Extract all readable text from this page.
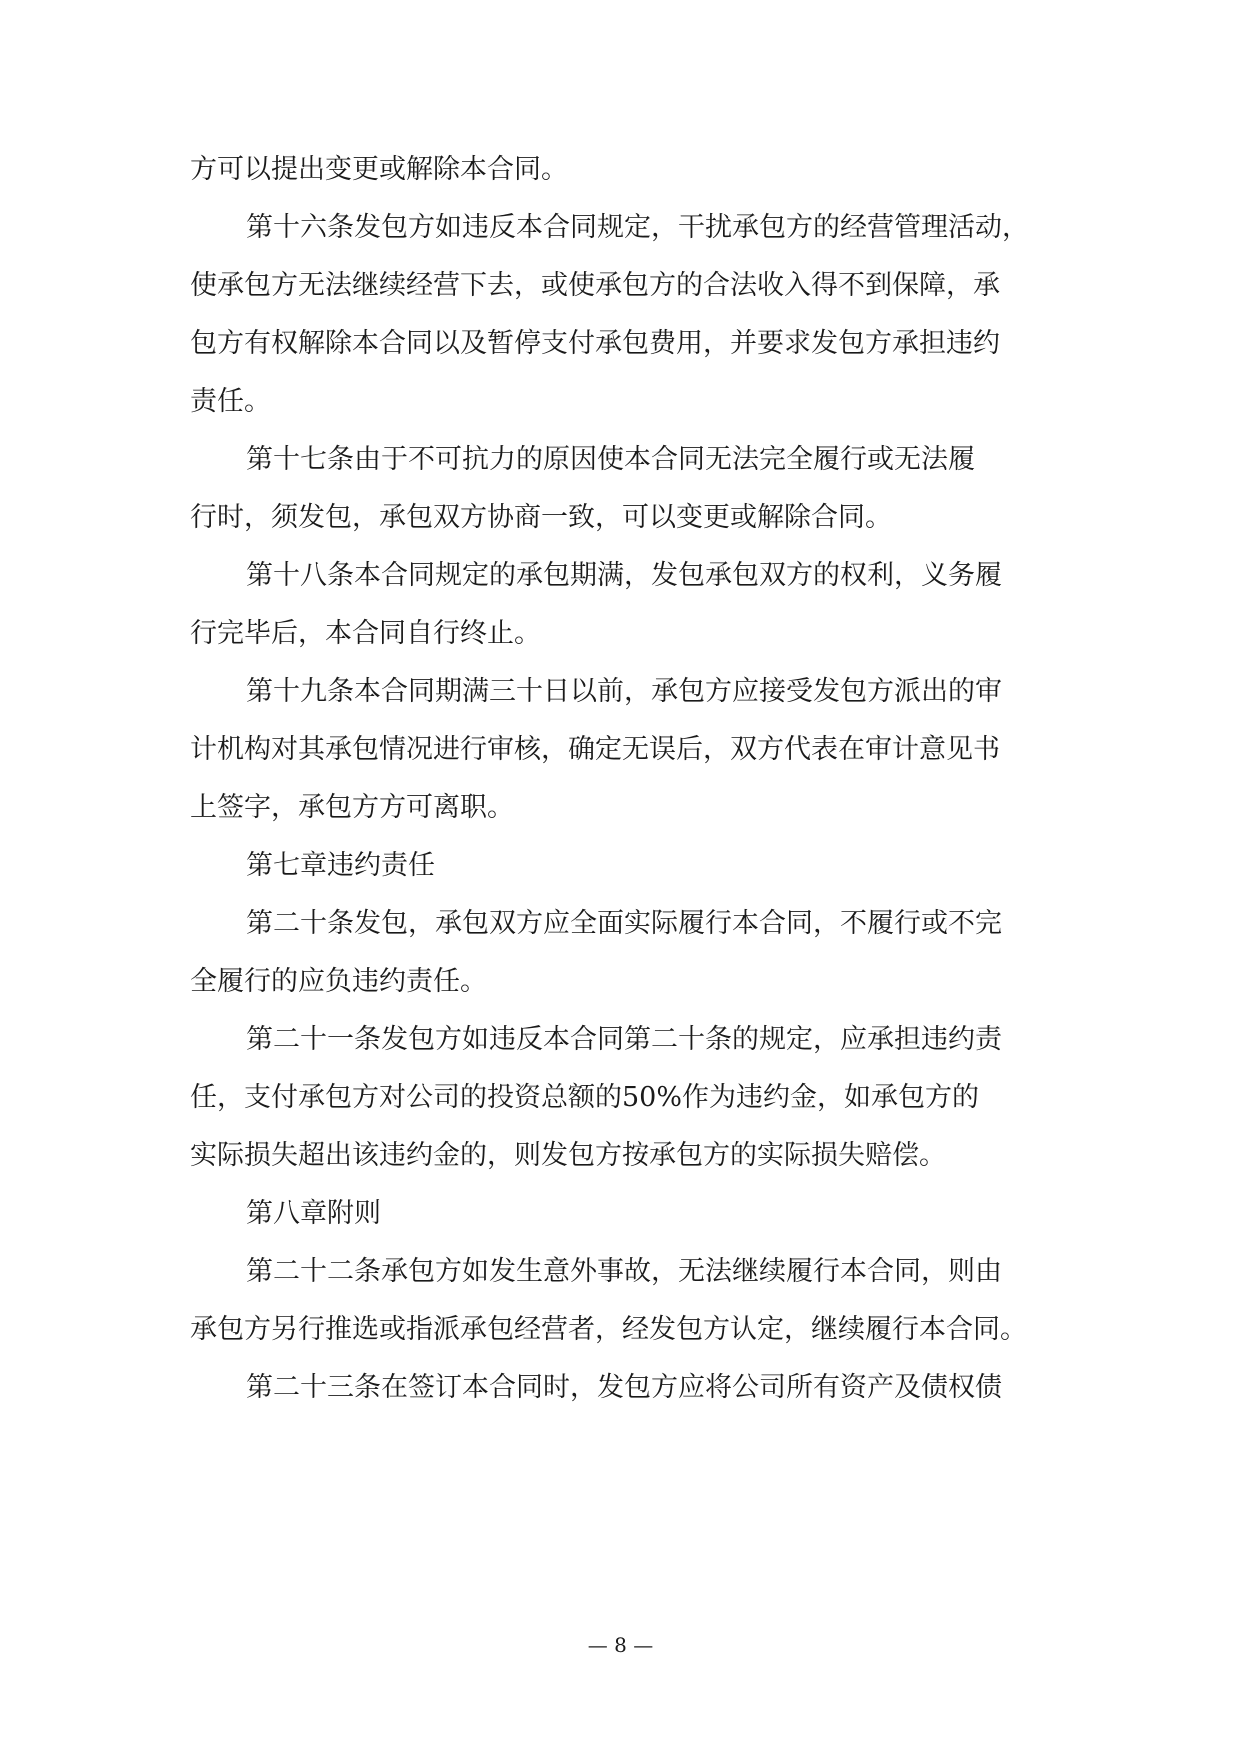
方可以提出变更或解除本合同。
第十六条发包方如违反本合同规定，干扰承包方的经营管理活动，
使承包方无法继续经营下去，或使承包方的合法收入得不到保障，承
包方有权解除本合同以及暂停支付承包费用，并要求发包方承担违约
责任。
第十七条由于不可抗力的原因使本合同无法完全履行或无法履
行时，须发包，承包双方协商一致，可以变更或解除合同。
第十八条本合同规定的承包期满，发包承包双方的权利，义务履
行完毕后，本合同自行终止。
第十九条本合同期满三十日以前，承包方应接受发包方派出的审
计机构对其承包情况进行审核，确定无误后，双方代表在审计意见书
上签字，承包方方可离职。
第七章违约责任
第二十条发包，承包双方应全面实际履行本合同，不履行或不完
全履行的应负违约责任。
第二十一条发包方如违反本合同第二十条的规定，应承担违约责
任，支付承包方对公司的投资总额的50%作为违约金，如承包方的
实际损失超出该违约金的，则发包方按承包方的实际损失赔偿。
第八章附则
第二十二条承包方如发生意外事故，无法继续履行本合同，则由
承包方另行推选或指派承包经营者，经发包方认定，继续履行本合同。
第二十三条在签订本合同时，发包方应将公司所有资产及债权债
— 8 —
